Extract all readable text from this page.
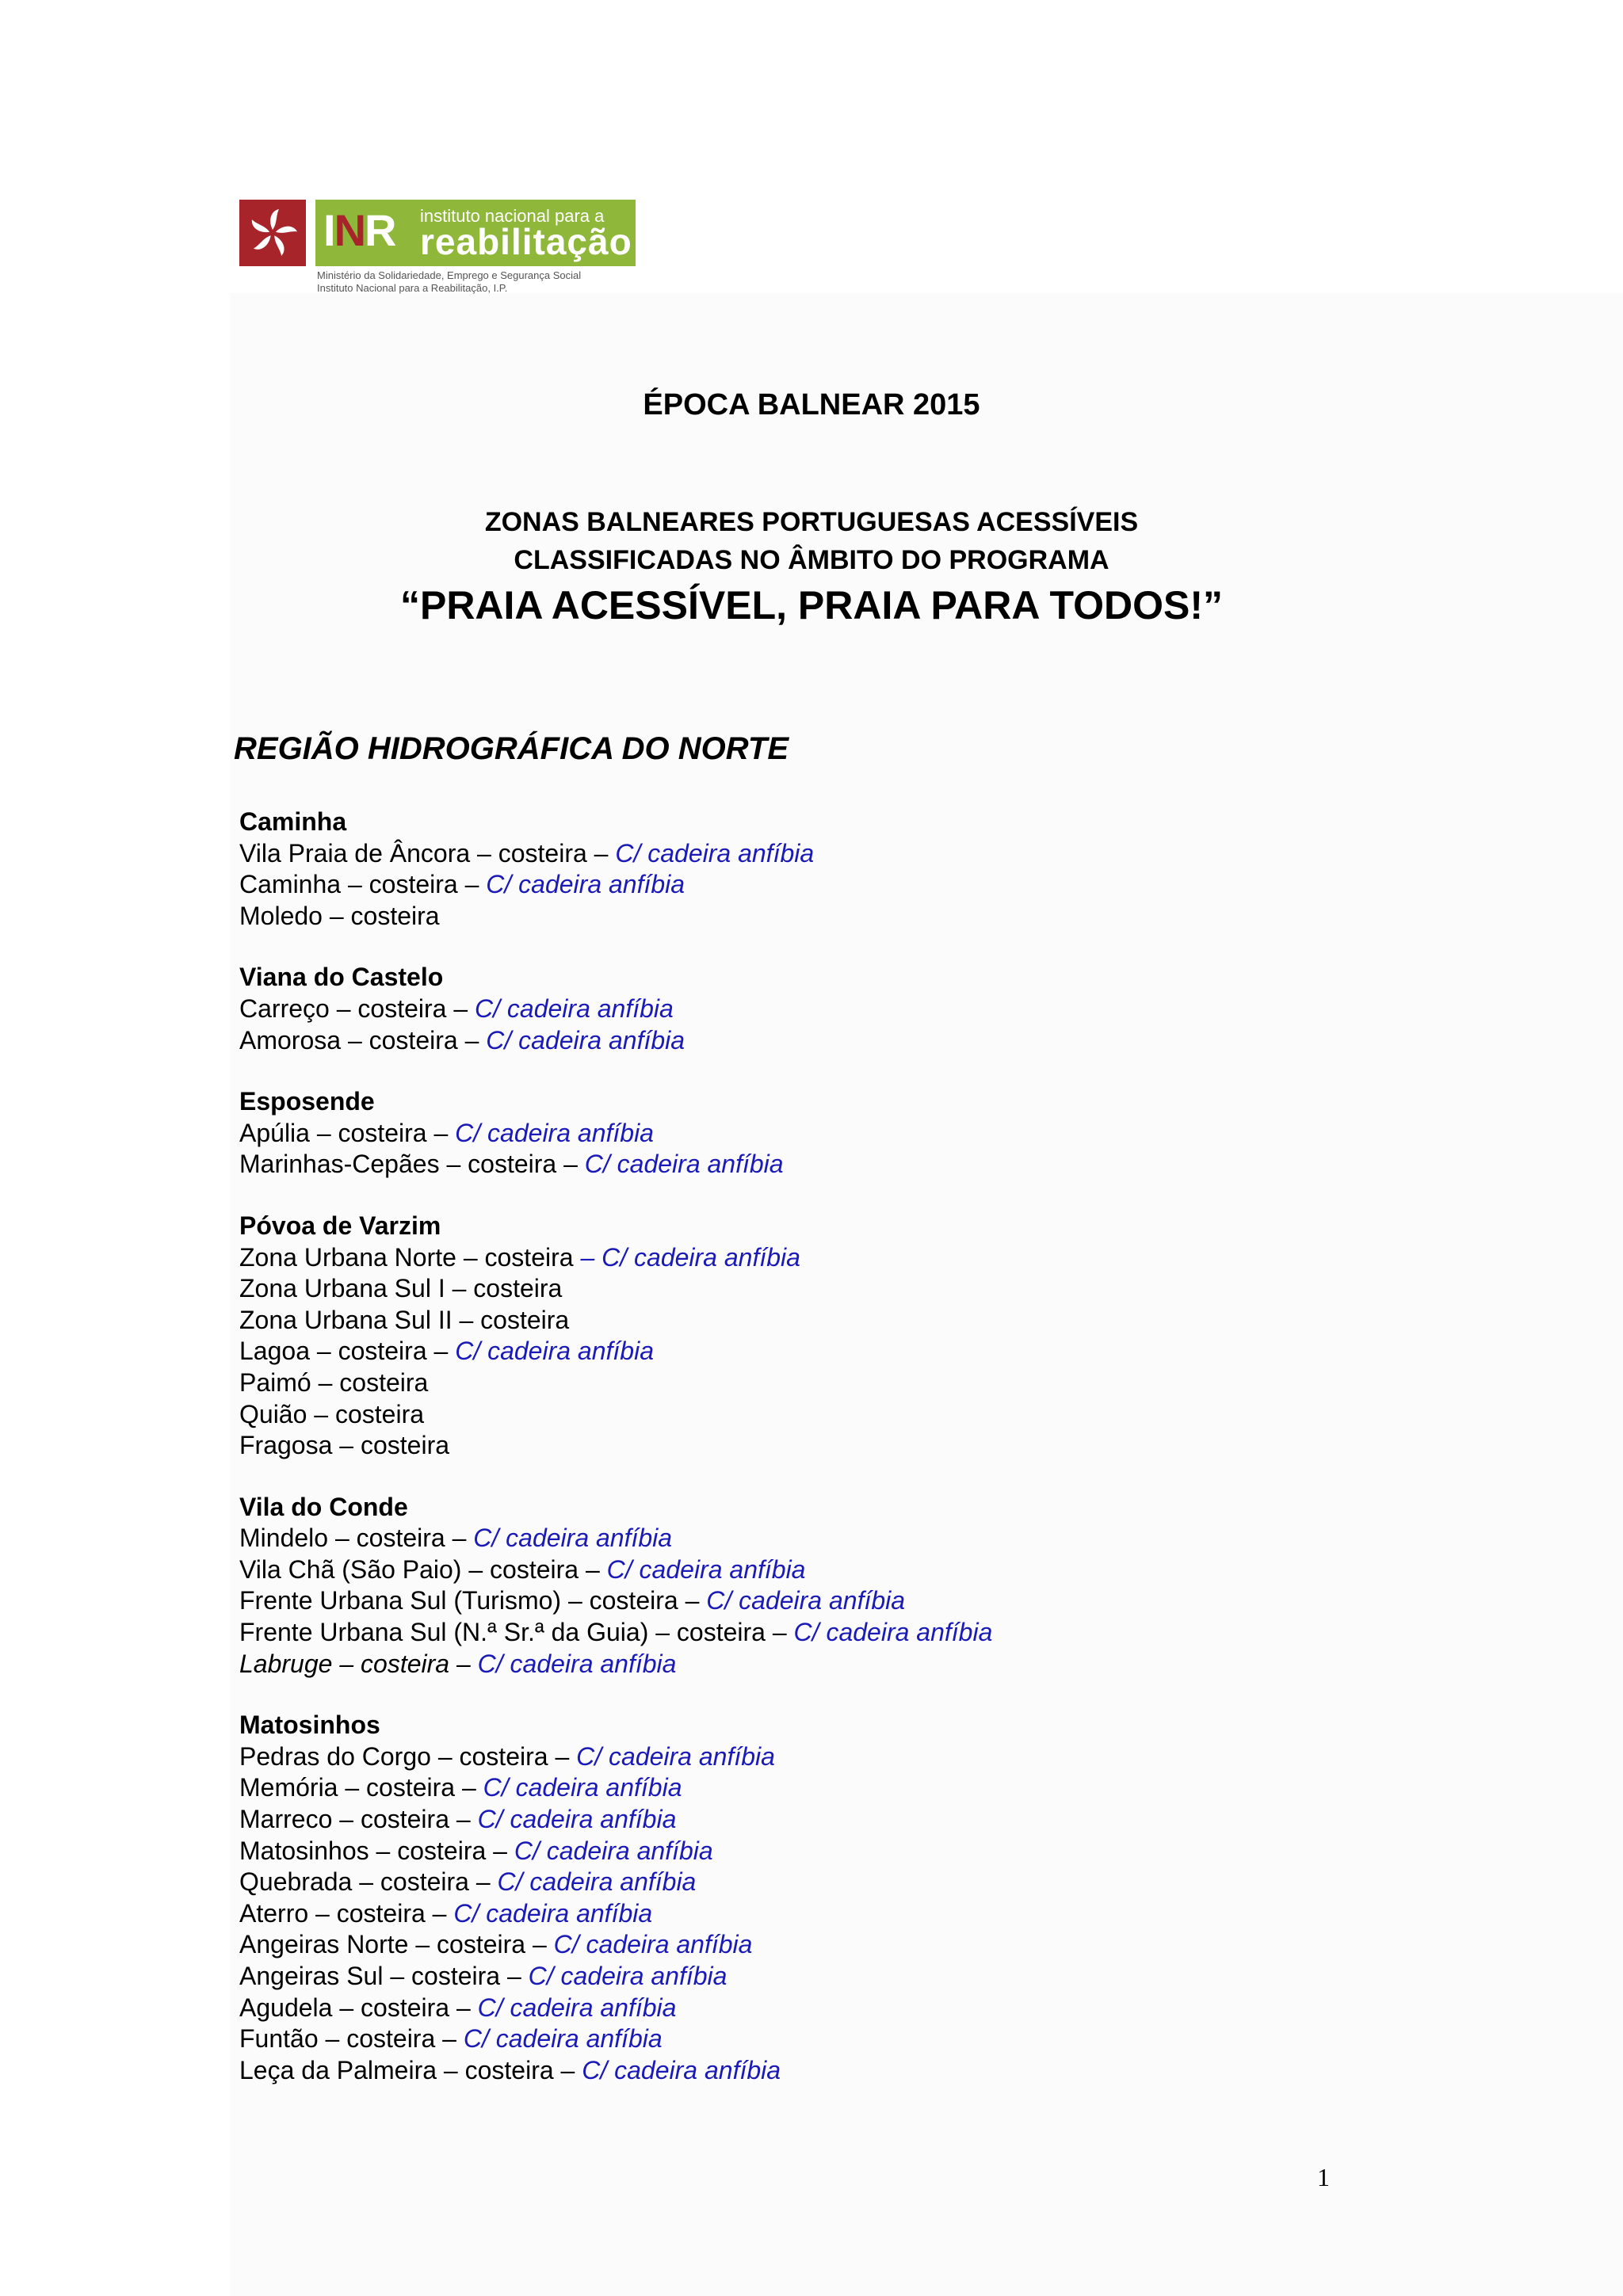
INR instituto nacional para a
reabilitação
Ministério da Solidariedade, Emprego e Segurança Social
Instituto Nacional para a Reabilitação, I.P.
ÉPOCA BALNEAR 2015
ZONAS BALNEARES PORTUGUESAS ACESSÍVEIS
CLASSIFICADAS NO ÂMBITO DO PROGRAMA
“PRAIA ACESSÍVEL, PRAIA PARA TODOS!”
REGIÃO HIDROGRÁFICA DO NORTE
Caminha
Vila Praia de Âncora – costeira – C/ cadeira anfíbia
Caminha – costeira – C/ cadeira anfíbia
Moledo – costeira
Viana do Castelo
Carreço – costeira – C/ cadeira anfíbia
Amorosa – costeira – C/ cadeira anfíbia
Esposende
Apúlia – costeira – C/ cadeira anfíbia
Marinhas-Cepães – costeira – C/ cadeira anfíbia
Póvoa de Varzim
Zona Urbana Norte – costeira – C/ cadeira anfíbia
Zona Urbana Sul I – costeira
Zona Urbana Sul II – costeira
Lagoa – costeira – C/ cadeira anfíbia
Paimó – costeira
Quião – costeira
Fragosa – costeira
Vila do Conde
Mindelo – costeira – C/ cadeira anfíbia
Vila Chã (São Paio) – costeira – C/ cadeira anfíbia
Frente Urbana Sul (Turismo) – costeira – C/ cadeira anfíbia
Frente Urbana Sul (N.ª Sr.ª da Guia) – costeira – C/ cadeira anfíbia
Labruge – costeira – C/ cadeira anfíbia
Matosinhos
Pedras do Corgo – costeira – C/ cadeira anfíbia
Memória – costeira – C/ cadeira anfíbia
Marreco – costeira – C/ cadeira anfíbia
Matosinhos – costeira – C/ cadeira anfíbia
Quebrada – costeira – C/ cadeira anfíbia
Aterro – costeira – C/ cadeira anfíbia
Angeiras Norte – costeira – C/ cadeira anfíbia
Angeiras Sul – costeira – C/ cadeira anfíbia
Agudela – costeira – C/ cadeira anfíbia
Funtão – costeira – C/ cadeira anfíbia
Leça da Palmeira – costeira – C/ cadeira anfíbia
1
